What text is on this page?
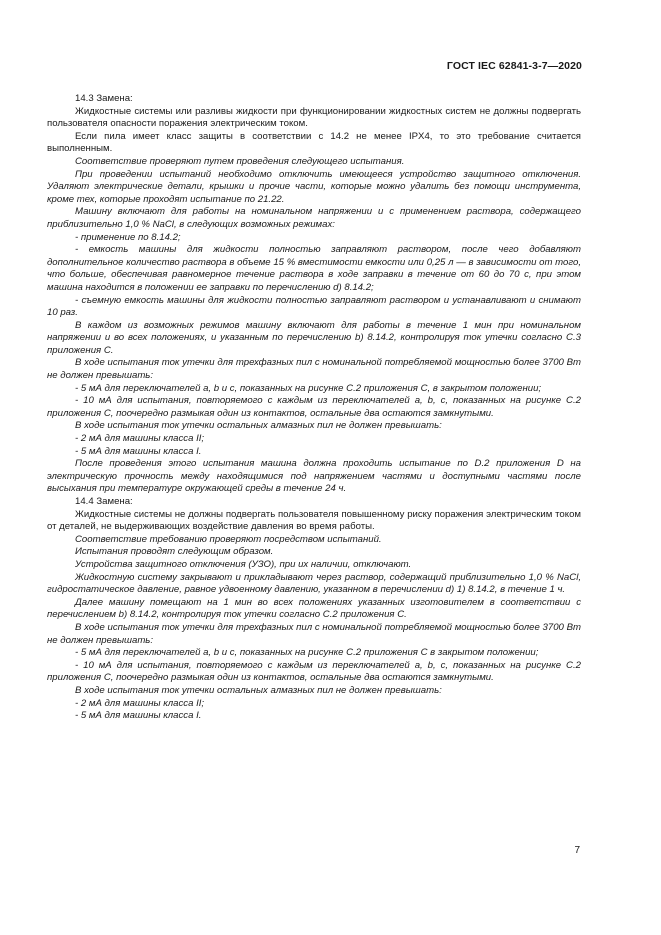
ГОСТ IEC 62841-3-7—2020

14.3 Замена:

Жидкостные системы или разливы жидкости при функционировании жидкостных систем не должны подвергать пользователя опасности поражения электрическим током.

Если пила имеет класс защиты в соответствии с 14.2 не менее IPX4, то это требование считается выполненным.

Соответствие проверяют путем проведения следующего испытания.

При проведении испытаний необходимо отключить имеющееся устройство защитного отключения. Удаляют электрические детали, крышки и прочие части, которые можно удалить без помощи инструмента, кроме тех, которые проходят испытание по 21.22.

Машину включают для работы на номинальном напряжении и с применением раствора, содержащего приблизительно 1,0 % NaCl, в следующих возможных режимах:

- применение по 8.14.2;

- емкость машины для жидкости полностью заправляют раствором, после чего добавляют дополнительное количество раствора в объеме 15 % вместимости емкости или 0,25 л — в зависимости от того, что больше, обеспечивая равномерное течение раствора в ходе заправки в течение от 60 до 70 с, при этом машина находится в положении ее заправки по перечислению d) 8.14.2;

- съемную емкость машины для жидкости полностью заправляют раствором и устанавливают и снимают 10 раз.

В каждом из возможных режимов машину включают для работы в течение 1 мин при номинальном напряжении и во всех положениях, и указанным по перечислению b) 8.14.2, контролируя ток утечки согласно С.3 приложения С.

В ходе испытания ток утечки для трехфазных пил с номинальной потребляемой мощностью более 3700 Вт не должен превышать:

- 5 мА для переключателей а, b и с, показанных на рисунке С.2 приложения С, в закрытом положении;

- 10 мА для испытания, повторяемого с каждым из переключателей а, b, с, показанных на рисунке С.2 приложения С, поочередно размыкая один из контактов, остальные два остаются замкнутыми.

В ходе испытания ток утечки остальных алмазных пил не должен превышать:

- 2 мА для машины класса II;

- 5 мА для машины класса I.

После проведения этого испытания машина должна проходить испытание по D.2 приложения D на электрическую прочность между находящимися под напряжением частями и доступными частями после высыхания при температуре окружающей среды в течение 24 ч.

14.4 Замена:

Жидкостные системы не должны подвергать пользователя повышенному риску поражения электрическим током от деталей, не выдерживающих воздействие давления во время работы.

Соответствие требованию проверяют посредством испытаний.

Испытания проводят следующим образом.

Устройства защитного отключения (УЗО), при их наличии, отключают.

Жидкостную систему закрывают и прикладывают через раствор, содержащий приблизительно 1,0 % NaCl, гидростатическое давление, равное удвоенному давлению, указанном в перечислении d) 1) 8.14.2, в течение 1 ч.

Далее машину помещают на 1 мин во всех положениях указанных изготовителем в соответствии с перечислением b) 8.14.2, контролируя ток утечки согласно С.2 приложения С.

В ходе испытания ток утечки для трехфазных пил с номинальной потребляемой мощностью более 3700 Вт не должен превышать:

- 5 мА для переключателей а, b и с, показанных на рисунке С.2 приложения С в закрытом положении;

- 10 мА для испытания, повторяемого с каждым из переключателей а, b, с, показанных на рисунке С.2 приложения С, поочередно размыкая один из контактов, остальные два остаются замкнутыми.

В ходе испытания ток утечки остальных алмазных пил не должен превышать:

- 2 мА для машины класса II;

- 5 мА для машины класса I.

7
